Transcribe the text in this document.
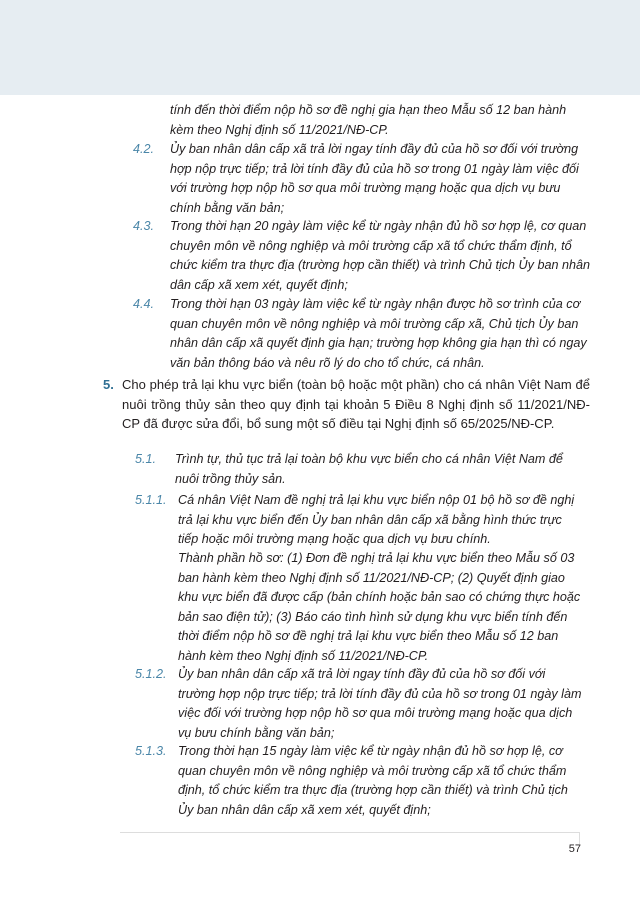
tính đến thời điểm nộp hồ sơ đề nghị gia hạn theo Mẫu số 12 ban hành kèm theo Nghị định số 11/2021/NĐ-CP.
4.2. Ủy ban nhân dân cấp xã trả lời ngay tính đầy đủ của hồ sơ đối với trường hợp nộp trực tiếp; trả lời tính đầy đủ của hồ sơ trong 01 ngày làm việc đối với trường hợp nộp hồ sơ qua môi trường mạng hoặc qua dịch vụ bưu chính bằng văn bản;
4.3. Trong thời hạn 20 ngày làm việc kể từ ngày nhận đủ hồ sơ hợp lệ, cơ quan chuyên môn về nông nghiệp và môi trường cấp xã tổ chức thẩm định, tổ chức kiểm tra thực địa (trường hợp cần thiết) và trình Chủ tịch Ủy ban nhân dân cấp xã xem xét, quyết định;
4.4. Trong thời hạn 03 ngày làm việc kể từ ngày nhận được hồ sơ trình của cơ quan chuyên môn về nông nghiệp và môi trường cấp xã, Chủ tịch Ủy ban nhân dân cấp xã quyết định gia hạn; trường hợp không gia hạn thì có ngay văn bản thông báo và nêu rõ lý do cho tổ chức, cá nhân.
5. Cho phép trả lại khu vực biển (toàn bộ hoặc một phần) cho cá nhân Việt Nam để nuôi trồng thủy sản theo quy định tại khoản 5 Điều 8 Nghị định số 11/2021/NĐ-CP đã được sửa đổi, bổ sung một số điều tại Nghị định số 65/2025/NĐ-CP.
5.1. Trình tự, thủ tục trả lại toàn bộ khu vực biển cho cá nhân Việt Nam để nuôi trồng thủy sản.
5.1.1. Cá nhân Việt Nam đề nghị trả lại khu vực biển nộp 01 bộ hồ sơ đề nghị trả lại khu vực biển đến Ủy ban nhân dân cấp xã bằng hình thức trực tiếp hoặc môi trường mạng hoặc qua dịch vụ bưu chính.
Thành phần hồ sơ: (1) Đơn đề nghị trả lại khu vực biển theo Mẫu số 03 ban hành kèm theo Nghị định số 11/2021/NĐ-CP; (2) Quyết định giao khu vực biển đã được cấp (bản chính hoặc bản sao có chứng thực hoặc bản sao điện tử); (3) Báo cáo tình hình sử dụng khu vực biển tính đến thời điểm nộp hồ sơ đề nghị trả lại khu vực biển theo Mẫu số 12 ban hành kèm theo Nghị định số 11/2021/NĐ-CP.
5.1.2. Ủy ban nhân dân cấp xã trả lời ngay tính đầy đủ của hồ sơ đối với trường hợp nộp trực tiếp; trả lời tính đầy đủ của hồ sơ trong 01 ngày làm việc đối với trường hợp nộp hồ sơ qua môi trường mạng hoặc qua dịch vụ bưu chính bằng văn bản;
5.1.3. Trong thời hạn 15 ngày làm việc kể từ ngày nhận đủ hồ sơ hợp lệ, cơ quan chuyên môn về nông nghiệp và môi trường cấp xã tổ chức thẩm định, tổ chức kiểm tra thực địa (trường hợp cần thiết) và trình Chủ tịch Ủy ban nhân dân cấp xã xem xét, quyết định;
57
